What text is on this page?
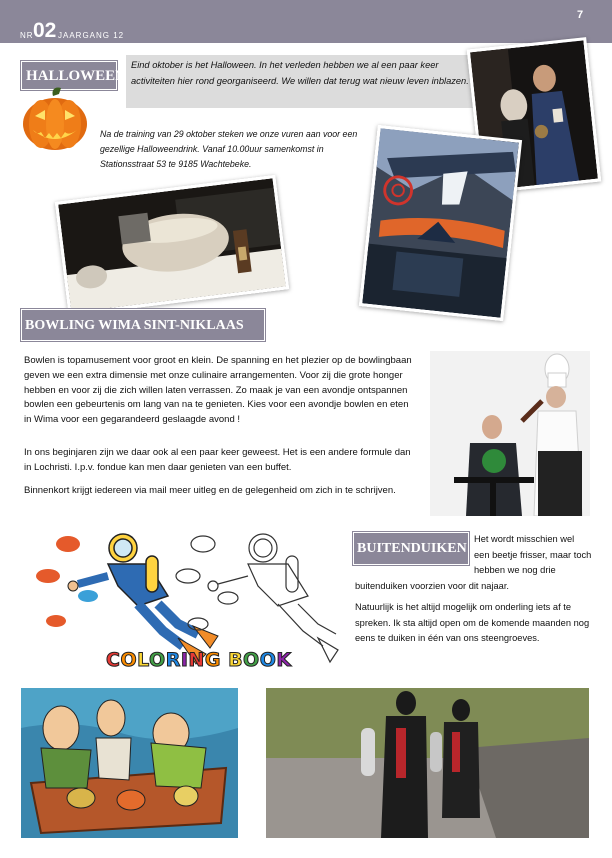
NR 02 JAARGANG 12
7
HALLOWEEN
Eind oktober is het Halloween. In het verleden hebben we al een paar keer activiteiten hier rond georganiseerd. We willen dat terug wat nieuw leven inblazen.
Na de training van 29 oktober steken we onze vuren aan voor een gezellige Halloweendrink. Vanaf 10.00uur samenkomst in Stationsstraat 53 te 9185 Wachtebeke.
BOWLING WIMA SINT-NIKLAAS
Bowlen is topamusement voor groot en klein. De spanning en het plezier op de bowlingbaan geven we een extra dimensie met onze culinaire arrangementen. Voor zij die grote honger hebben en voor zij die zich willen laten verrassen. Zo maak je van een avondje ontspannen bowlen een gebeurtenis om lang van na te genieten. Kies voor een avondje bowlen en eten in Wima voor een gegarandeerd geslaagde avond !
In ons beginjaren zijn we daar ook al een paar keer geweest. Het is een andere formule dan in Lochristi. I.p.v. fondue kan men daar genieten van een buffet.
Binnenkort krijgt iedereen via mail meer uitleg en de gelegenheid om zich in te schrijven.
COLORING BOOK
BUITENDUIKEN
Het wordt misschien wel een beetje frisser, maar toch hebben we nog drie
buitenduiken voorzien voor dit najaar.
Natuurlijk is het altijd mogelijk om onderling iets af te spreken. Ik sta altijd open om de komende maanden nog eens te duiken in één van ons steengroeves.
